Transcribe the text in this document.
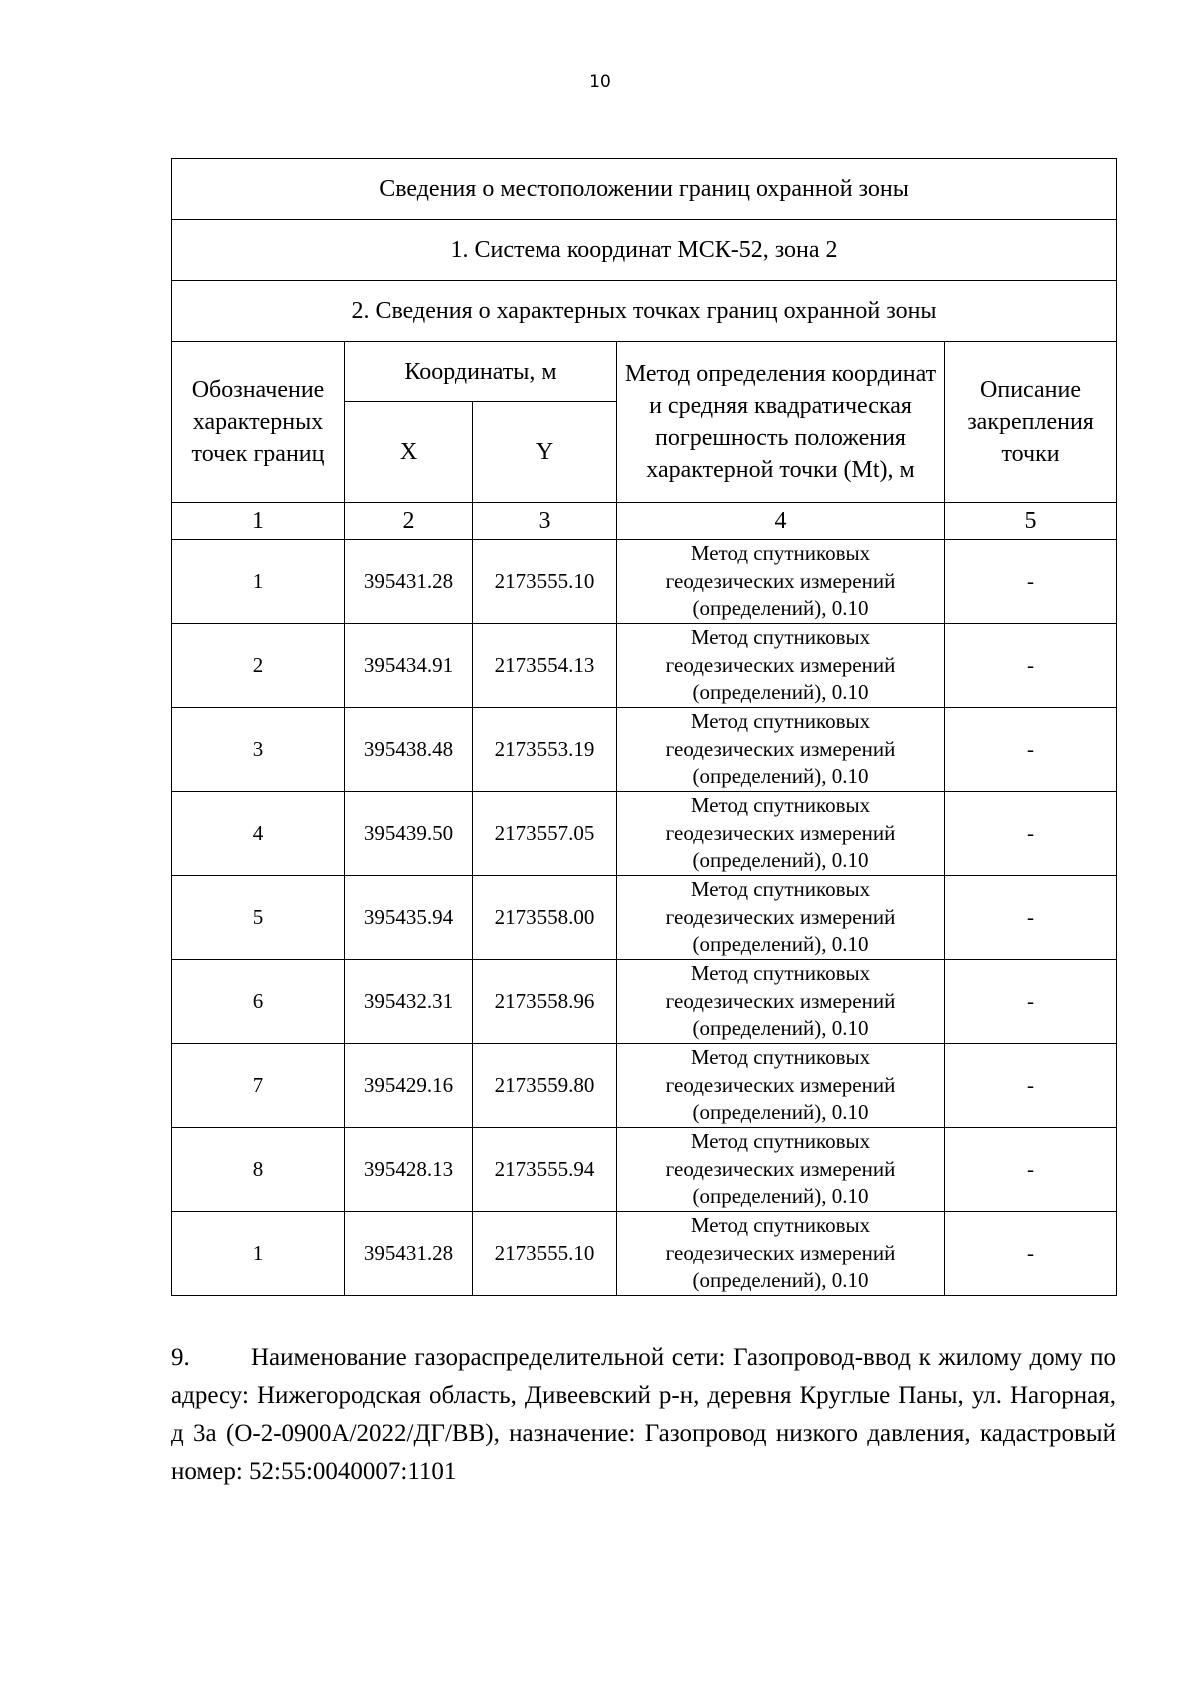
10
Сведения о местоположении границ охранной зоны				
1. Система координат МСК-52, зона 2				
2. Сведения о характерных точках границ охранной зоны				
Обозначение характерных точек границ	Координаты, м		Метод определения координат и средняя квадратическая погрешность положения характерной точки (Mt), м	Описание закрепления точки
	X	Y		
1	2	3	4	5
1	395431.28	2173555.10	Метод спутниковых геодезических измерений (определений), 0.10	-
2	395434.91	2173554.13	Метод спутниковых геодезических измерений (определений), 0.10	-
3	395438.48	2173553.19	Метод спутниковых геодезических измерений (определений), 0.10	-
4	395439.50	2173557.05	Метод спутниковых геодезических измерений (определений), 0.10	-
5	395435.94	2173558.00	Метод спутниковых геодезических измерений (определений), 0.10	-
6	395432.31	2173558.96	Метод спутниковых геодезических измерений (определений), 0.10	-
7	395429.16	2173559.80	Метод спутниковых геодезических измерений (определений), 0.10	-
8	395428.13	2173555.94	Метод спутниковых геодезических измерений (определений), 0.10	-
1	395431.28	2173555.10	Метод спутниковых геодезических измерений (определений), 0.10	-
9. Наименование газораспределительной сети: Газопровод-ввод к жилому дому по адресу: Нижегородская область, Дивеевский р-н, деревня Круглые Паны, ул. Нагорная, д 3а (О-2-0900А/2022/ДГ/ВВ), назначение: Газопровод низкого давления, кадастровый номер: 52:55:0040007:1101
